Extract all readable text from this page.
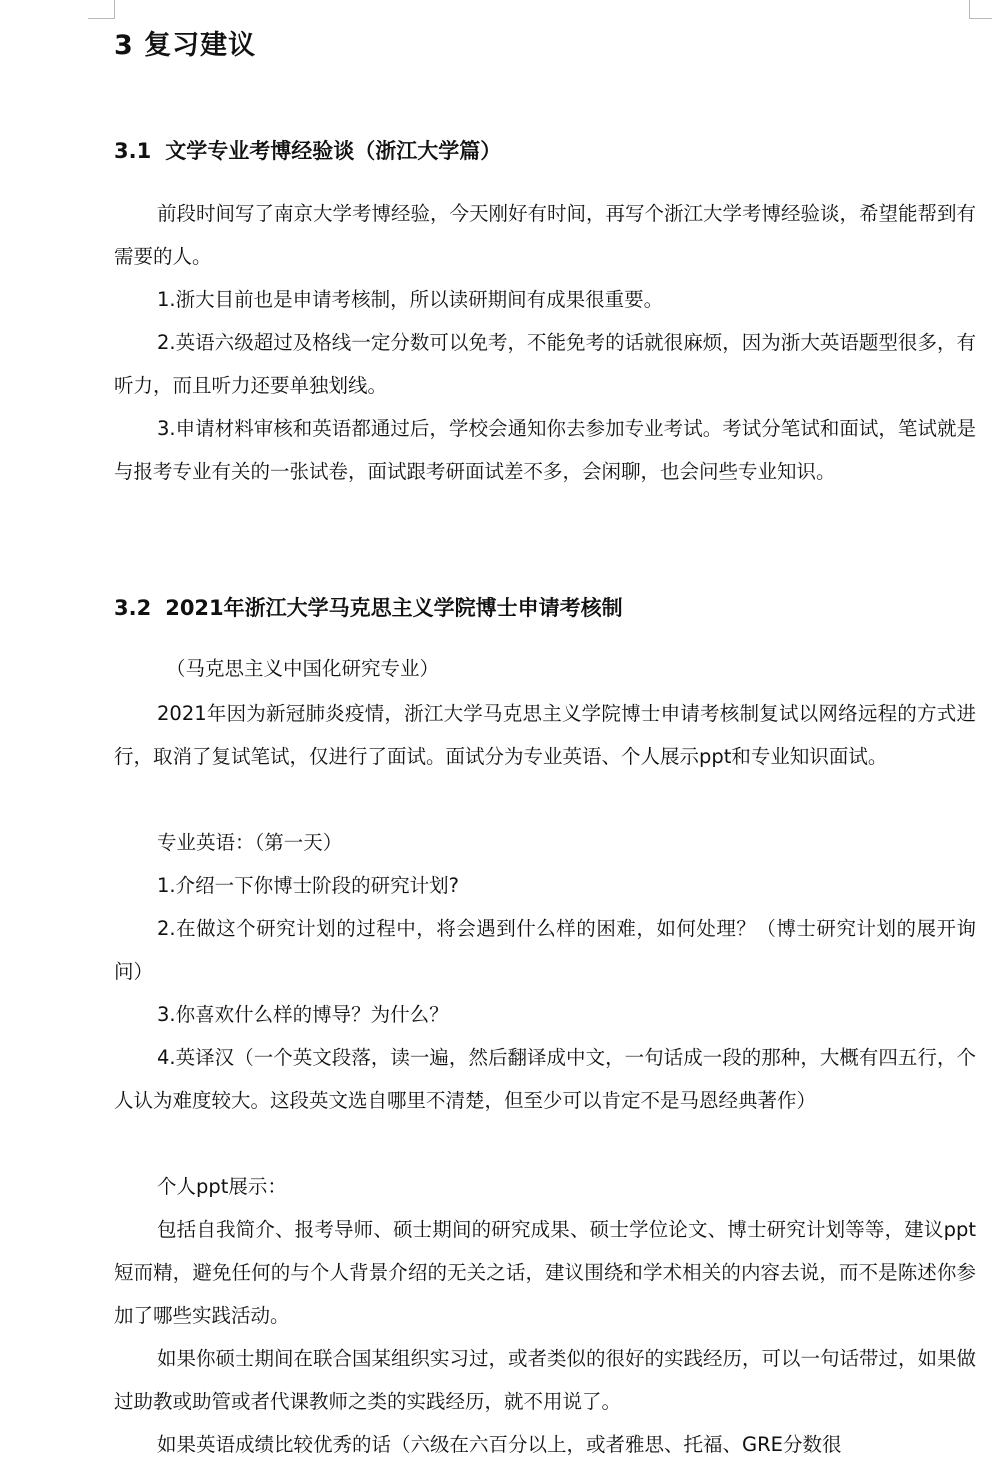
3 复习建议
3.1 文学专业考博经验谈（浙江大学篇）
前段时间写了南京大学考博经验，今天刚好有时间，再写个浙江大学考博经验谈，希望能帮到有需要的人。
1.浙大目前也是申请考核制，所以读研期间有成果很重要。
2.英语六级超过及格线一定分数可以免考，不能免考的话就很麻烦，因为浙大英语题型很多，有听力，而且听力还要单独划线。
3.申请材料审核和英语都通过后，学校会通知你去参加专业考试。考试分笔试和面试，笔试就是与报考专业有关的一张试卷，面试跟考研面试差不多，会闲聊，也会问些专业知识。
3.2 2021年浙江大学马克思主义学院博士申请考核制
（马克思主义中国化研究专业）
2021年因为新冠肺炎疫情，浙江大学马克思主义学院博士申请考核制复试以网络远程的方式进行，取消了复试笔试，仅进行了面试。面试分为专业英语、个人展示ppt和专业知识面试。
专业英语：（第一天）
1.介绍一下你博士阶段的研究计划?
2.在做这个研究计划的过程中，将会遇到什么样的困难，如何处理？（博士研究计划的展开询问）
3.你喜欢什么样的博导？为什么？
4.英译汉（一个英文段落，读一遍，然后翻译成中文，一句话成一段的那种，大概有四五行，个人认为难度较大。这段英文选自哪里不清楚，但至少可以肯定不是马恩经典著作）
个人ppt展示：
包括自我简介、报考导师、硕士期间的研究成果、硕士学位论文、博士研究计划等等，建议ppt短而精，避免任何的与个人背景介绍的无关之话，建议围绕和学术相关的内容去说，而不是陈述你参加了哪些实践活动。
如果你硕士期间在联合国某组织实习过，或者类似的很好的实践经历，可以一句话带过，如果做过助教或助管或者代课教师之类的实践经历，就不用说了。
如果英语成绩比较优秀的话（六级在六百分以上，或者雅思、托福、GRE分数很
